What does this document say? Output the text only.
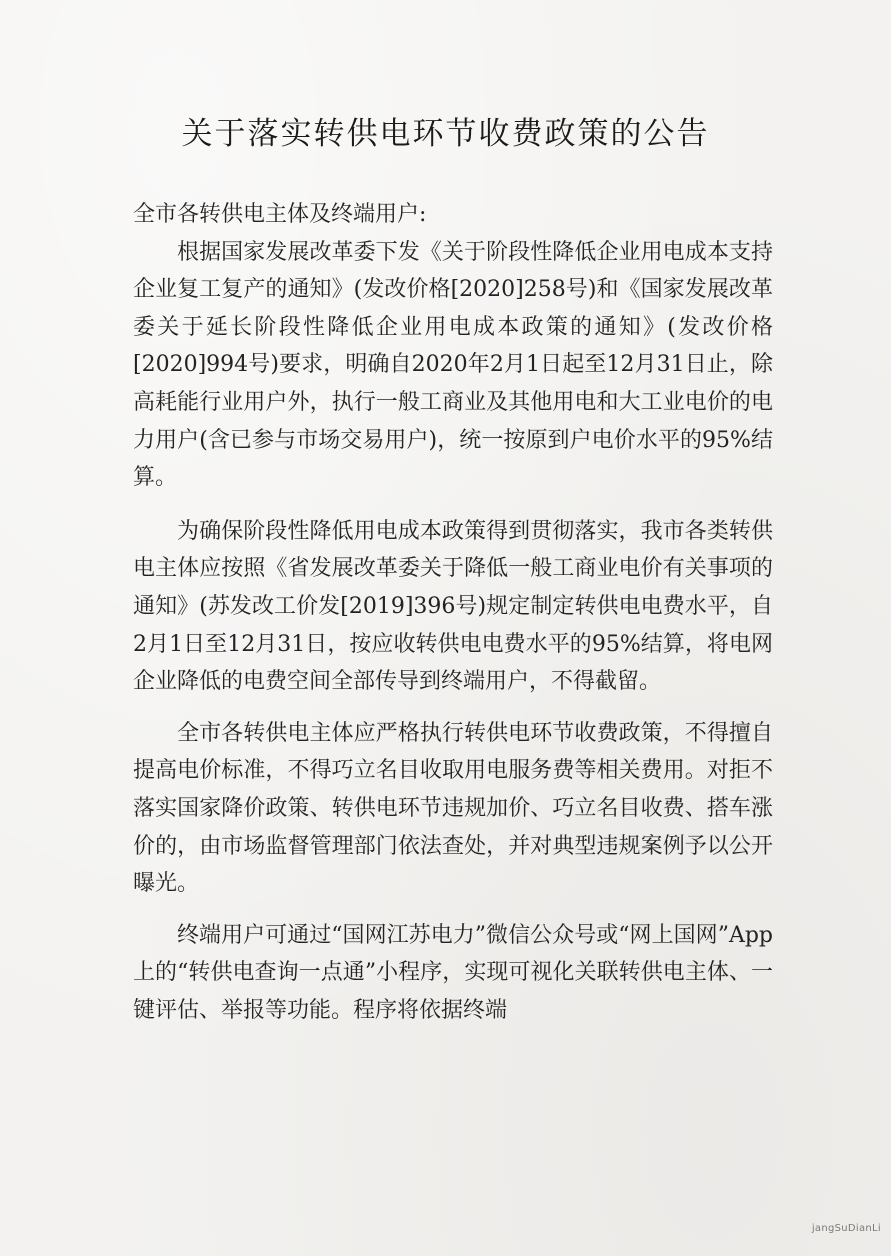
关于落实转供电环节收费政策的公告

全市各转供电主体及终端用户:

根据国家发展改革委下发《关于阶段性降低企业用电成本支持企业复工复产的通知》(发改价格[2020]258号)和《国家发展改革委关于延长阶段性降低企业用电成本政策的通知》(发改价格[2020]994号)要求，明确自2020年2月1日起至12月31日止，除高耗能行业用户外，执行一般工商业及其他用电和大工业电价的电力用户(含已参与市场交易用户)，统一按原到户电价水平的95%结算。

为确保阶段性降低用电成本政策得到贯彻落实，我市各类转供电主体应按照《省发展改革委关于降低一般工商业电价有关事项的通知》(苏发改工价发[2019]396号)规定制定转供电电费水平，自2月1日至12月31日，按应收转供电电费水平的95%结算，将电网企业降低的电费空间全部传导到终端用户，不得截留。

全市各转供电主体应严格执行转供电环节收费政策，不得擅自提高电价标准，不得巧立名目收取用电服务费等相关费用。对拒不落实国家降价政策、转供电环节违规加价、巧立名目收费、搭车涨价的，由市场监督管理部门依法查处，并对典型违规案例予以公开曝光。

终端用户可通过“国网江苏电力”微信公众号或“网上国网”App上的“转供电查询一点通”小程序，实现可视化关联转供电主体、一键评估、举报等功能。程序将依据终端

jangSuDianLi
